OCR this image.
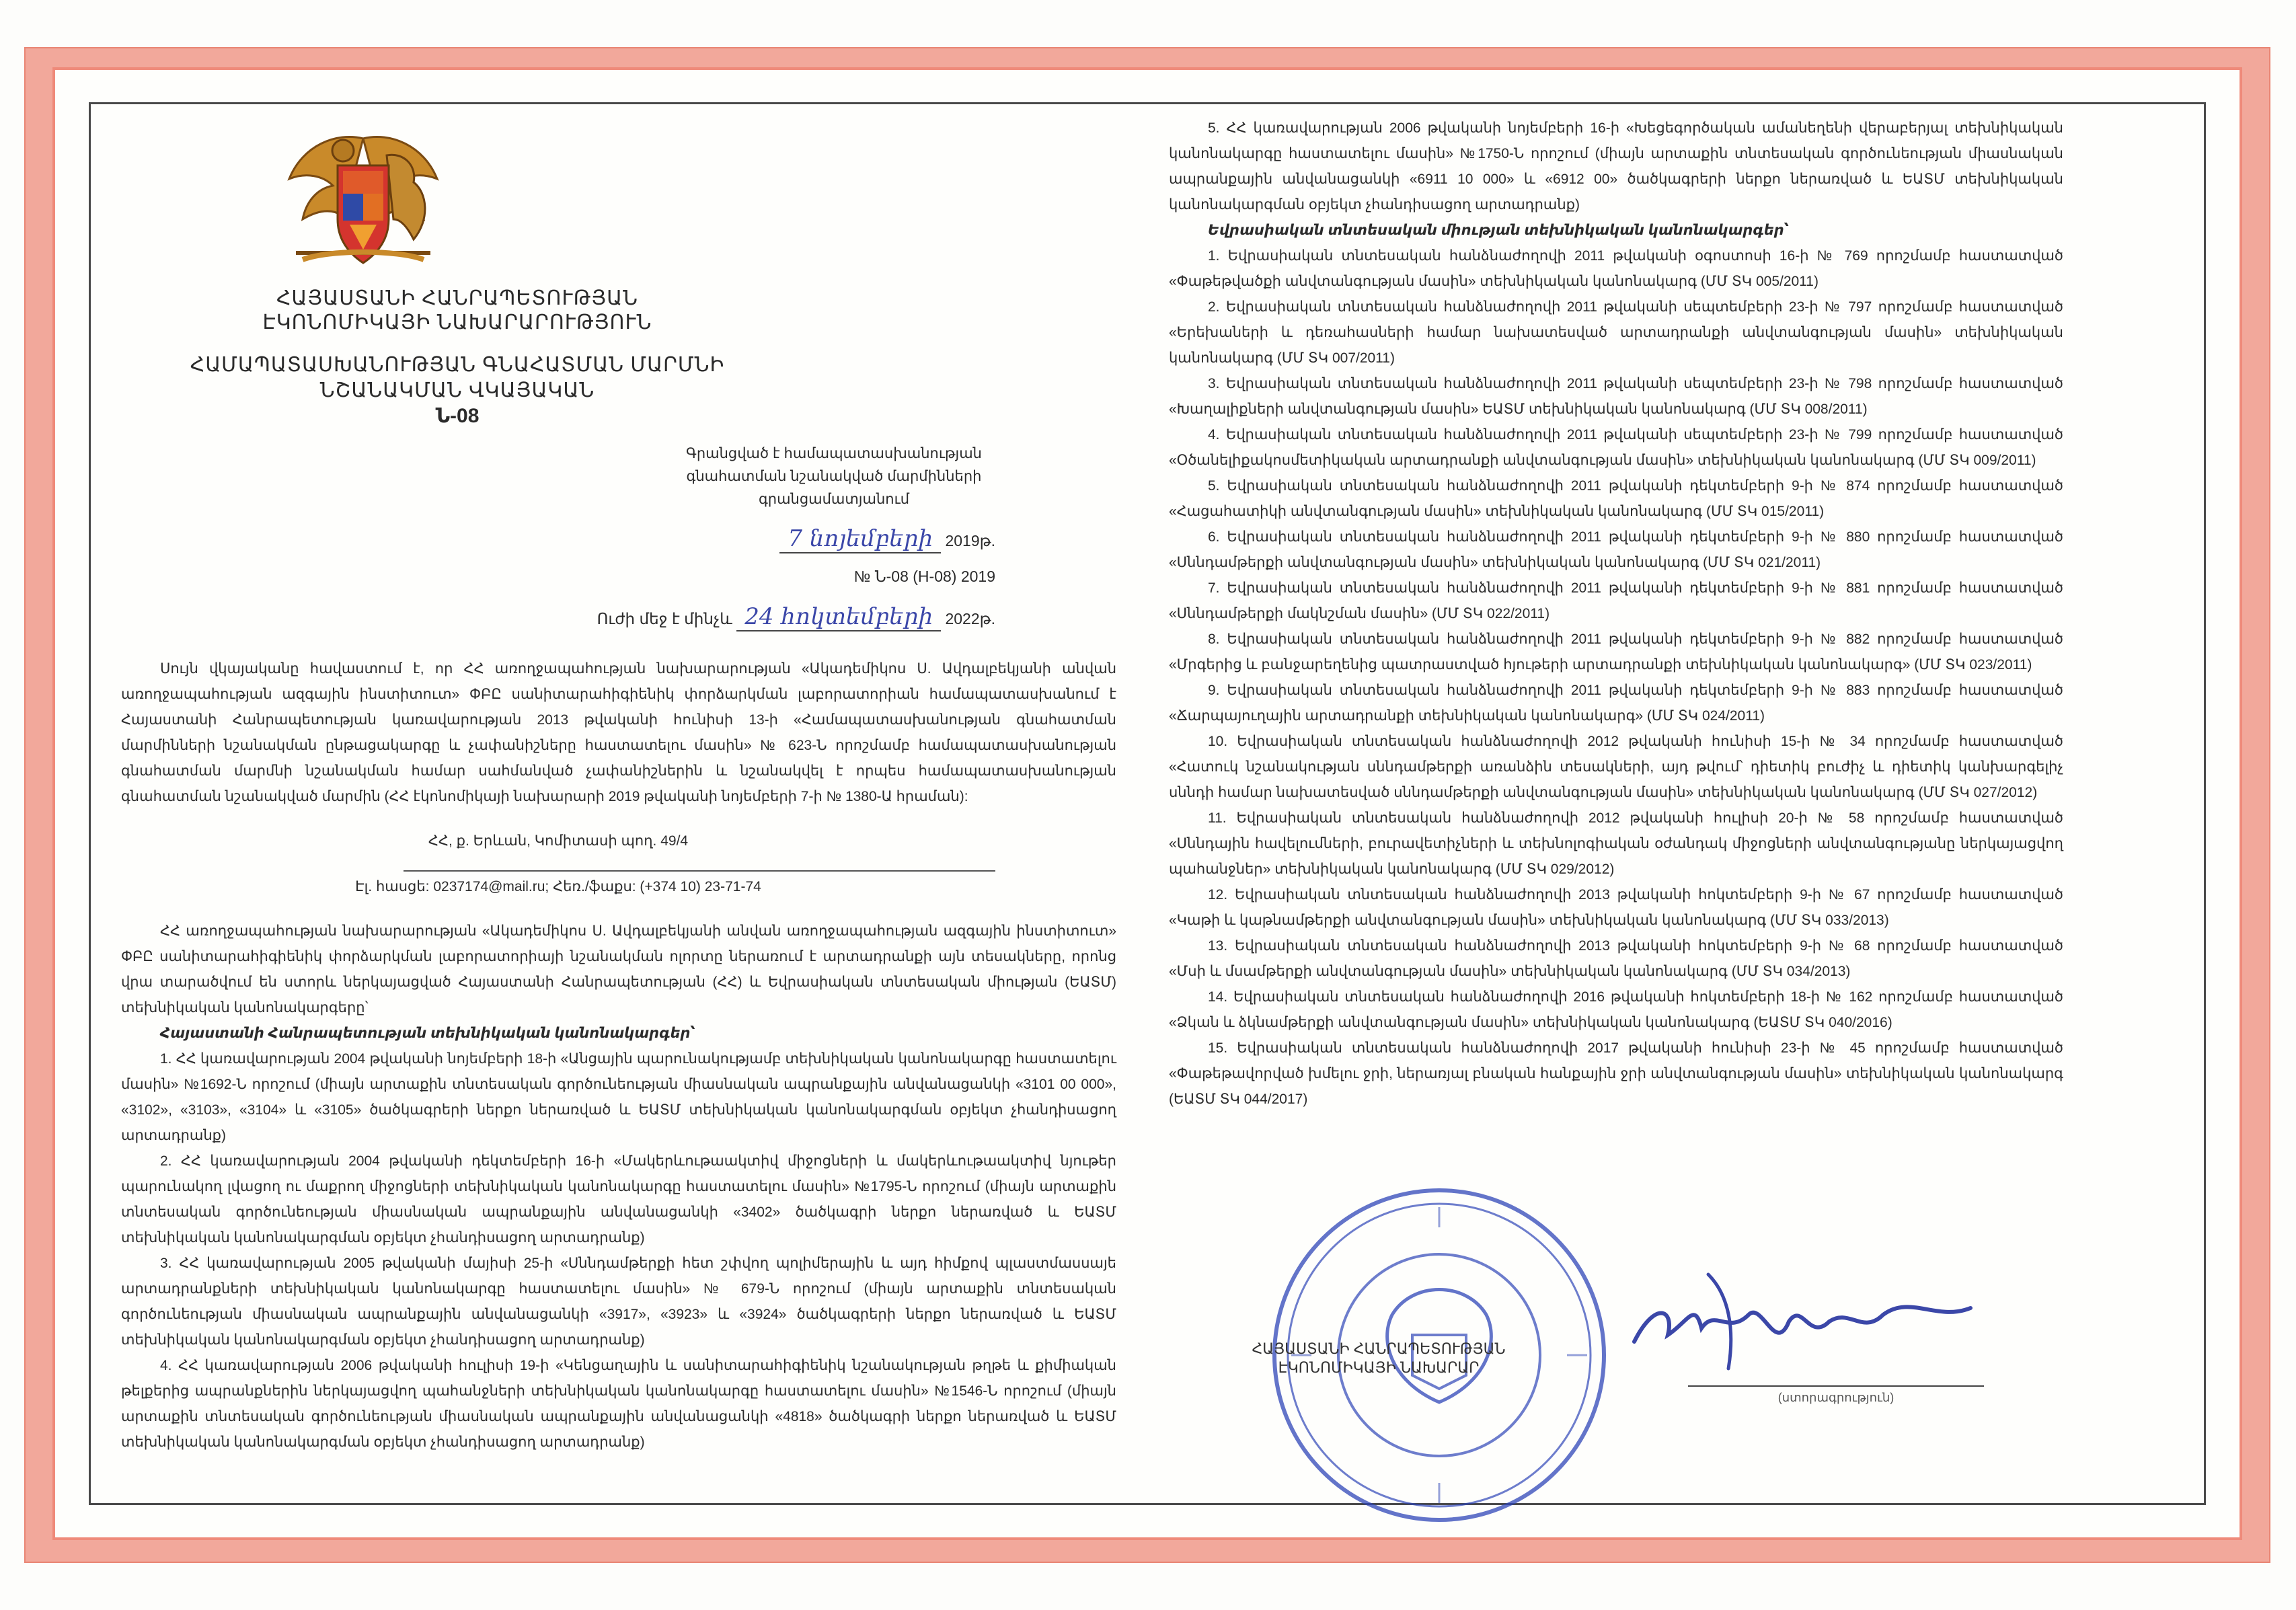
ՀԱՅԱՍՏԱՆԻ ՀԱՆՐԱՊԵՏՈՒԹՅԱՆ
ԷԿՈՆՈՄԻԿԱՅԻ ՆԱԽԱՐԱՐՈՒԹՅՈՒՆ
ՀԱՄԱՊԱՏԱՍԽԱՆՈՒԹՅԱՆ ԳՆԱՀԱՏՄԱՆ ՄԱՐՄՆԻ ՆՇԱՆԱԿՄԱՆ ՎԿԱՅԱԿԱՆ
Ն-08
Գրանցված է համապատասխանության գնահատման նշանակված մարմինների գրանցամատյանում
7 նոյեմբերի 2019թ.
№ Ն-08 (Н-08) 2019
Ուժի մեջ է մինչև 24 հոկտեմբերի 2022թ.

Սույն վկայականը հավաստում է, որ ՀՀ առողջապահության նախարարության «Ակադեմիկոս Ս. Ավդալբեկյանի անվան առողջապահության ազգային ինստիտուտ» ՓԲԸ սանիտարահիգիենիկ փորձարկման լաբորատորիան համապատասխանում է Հայաստանի Հանրապետության կառավարության 2013 թվականի հունիսի 13-ի «Համապատասխանության գնահատման մարմինների նշանակման ընթացակարգը և չափանիշները հաստատելու մասին» № 623-Ն որոշմամբ համապատասխանության գնահատման մարմնի նշանակման համար սահմանված չափանիշներին և նշանակվել է որպես համապատասխանության գնահատման նշանակված մարմին (ՀՀ էկոնոմիկայի նախարարի 2019 թվականի նոյեմբերի 7-ի № 1380-Ա հրաման):

ՀՀ, ք. Երևան, Կոմիտասի պող. 49/4
Էլ. հասցե: 0237174@mail.ru; Հեռ./ֆաքս: (+374 10) 23-71-74

ՀՀ առողջապահության նախարարության «Ակադեմիկոս Ս. Ավդալբեկյանի անվան առողջապահության ազգային ինստիտուտ» ՓԲԸ սանիտարահիգիենիկ փորձարկման լաբորատորիայի նշանակման ոլորտը ներառում է արտադրանքի այն տեսակները, որոնց վրա տարածվում են ստորև ներկայացված Հայաստանի Հանրապետության (ՀՀ) և Եվրասիական տնտեսական միության (ԵԱՏՄ) տեխնիկական կանոնակարգերը՝

Հայաստանի Հանրապետության տեխնիկական կանոնակարգեր՝

1. ՀՀ կառավարության 2004 թվականի նոյեմբերի 18-ի «Անցային պարունակությամբ տեխնիկական կանոնակարգը հաստատելու մասին» №1692-Ն որոշում (միայն արտաքին տնտեսական գործունեության միասնական ապրանքային անվանացանկի «3101 00 000», «3102», «3103», «3104» և «3105» ծածկագրերի ներքո ներառված և ԵԱՏՄ տեխնիկական կանոնակարգման օբյեկտ չհանդիսացող արտադրանք)

2. ՀՀ կառավարության 2004 թվականի դեկտեմբերի 16-ի «Մակերևութաակտիվ միջոցների և մակերևութաակտիվ նյութեր պարունակող լվացող ու մաքրող միջոցների տեխնիկական կանոնակարգը հաստատելու մասին» №1795-Ն որոշում (միայն արտաքին տնտեսական գործունեության միասնական ապրանքային անվանացանկի «3402» ծածկագրի ներքո ներառված և ԵԱՏՄ տեխնիկական կանոնակարգման օբյեկտ չհանդիսացող արտադրանք)

3. ՀՀ կառավարության 2005 թվականի մայիսի 25-ի «Սննդամթերքի հետ շփվող պոլիմերային և այդ հիմքով պլաստմասսայե արտադրանքների տեխնիկական կանոնակարգը հաստատելու մասին» № 679-Ն որոշում (միայն արտաքին տնտեսական գործունեության միասնական ապրանքային անվանացանկի «3917», «3923» և «3924» ծածկագրերի ներքո ներառված և ԵԱՏՄ տեխնիկական կանոնակարգման օբյեկտ չհանդիսացող արտադրանք)

4. ՀՀ կառավարության 2006 թվականի հուլիսի 19-ի «Կենցաղային և սանիտարահիգիենիկ նշանակության թղթե և քիմիական թելքերից ապրանքներին ներկայացվող պահանջների տեխնիկական կանոնակարգը հաստատելու մասին» №1546-Ն որոշում (միայն արտաքին տնտեսական գործունեության միասնական ապրանքային անվանացանկի «4818» ծածկագրի ներքո ներառված և ԵԱՏՄ տեխնիկական կանոնակարգման օբյեկտ չհանդիսացող արտադրանք)

5. ՀՀ կառավարության 2006 թվականի նոյեմբերի 16-ի «Խեցեգործական ամանեղենի վերաբերյալ տեխնիկական կանոնակարգը հաստատելու մասին» №1750-Ն որոշում (միայն արտաքին տնտեսական գործունեության միասնական ապրանքային անվանացանկի «6911 10 000» և «6912 00» ծածկագրերի ներքո ներառված և ԵԱՏՄ տեխնիկական կանոնակարգման օբյեկտ չհանդիսացող արտադրանք)

Եվրասիական տնտեսական միության տեխնիկական կանոնակարգեր՝

1. Եվրասիական տնտեսական հանձնաժողովի 2011 թվականի օգոստոսի 16-ի № 769 որոշմամբ հաստատված «Փաթեթվածքի անվտանգության մասին» տեխնիկական կանոնակարգ (ՄՄ ՏԿ 005/2011)

2. Եվրասիական տնտեսական հանձնաժողովի 2011 թվականի սեպտեմբերի 23-ի № 797 որոշմամբ հաստատված «Երեխաների և դեռահասների համար նախատեսված արտադրանքի անվտանգության մասին» տեխնիկական կանոնակարգ (ՄՄ ՏԿ 007/2011)

3. Եվրասիական տնտեսական հանձնաժողովի 2011 թվականի սեպտեմբերի 23-ի № 798 որոշմամբ հաստատված «Խաղալիքների անվտանգության մասին» ԵԱՏՄ տեխնիկական կանոնակարգ (ՄՄ ՏԿ 008/2011)

4. Եվրասիական տնտեսական հանձնաժողովի 2011 թվականի սեպտեմբերի 23-ի № 799 որոշմամբ հաստատված «Օծանելիքակոսմետիկական արտադրանքի անվտանգության մասին» տեխնիկական կանոնակարգ (ՄՄ ՏԿ 009/2011)

5. Եվրասիական տնտեսական հանձնաժողովի 2011 թվականի դեկտեմբերի 9-ի № 874 որոշմամբ հաստատված «Հացահատիկի անվտանգության մասին» տեխնիկական կանոնակարգ (ՄՄ ՏԿ 015/2011)

6. Եվրասիական տնտեսական հանձնաժողովի 2011 թվականի դեկտեմբերի 9-ի № 880 որոշմամբ հաստատված «Սննդամթերքի անվտանգության մասին» տեխնիկական կանոնակարգ (ՄՄ ՏԿ 021/2011)

7. Եվրասիական տնտեսական հանձնաժողովի 2011 թվականի դեկտեմբերի 9-ի № 881 որոշմամբ հաստատված «Սննդամթերքի մակնշման մասին» (ՄՄ ՏԿ 022/2011)

8. Եվրասիական տնտեսական հանձնաժողովի 2011 թվականի դեկտեմբերի 9-ի № 882 որոշմամբ հաստատված «Մրգերից և բանջարեղենից պատրաստված հյութերի արտադրանքի տեխնիկական կանոնակարգ» (ՄՄ ՏԿ 023/2011)

9. Եվրասիական տնտեսական հանձնաժողովի 2011 թվականի դեկտեմբերի 9-ի № 883 որոշմամբ հաստատված «Ճարպայուղային արտադրանքի տեխնիկական կանոնակարգ» (ՄՄ ՏԿ 024/2011)

10. Եվրասիական տնտեսական հանձնաժողովի 2012 թվականի հունիսի 15-ի № 34 որոշմամբ հաստատված «Հատուկ նշանակության սննդամթերքի առանձին տեսակների, այդ թվում՝ դիետիկ բուժիչ և դիետիկ կանխարգելիչ սննդի համար նախատեսված սննդամթերքի անվտանգության մասին» տեխնիկական կանոնակարգ (ՄՄ ՏԿ 027/2012)

11. Եվրասիական տնտեսական հանձնաժողովի 2012 թվականի հուլիսի 20-ի № 58 որոշմամբ հաստատված «Սննդային հավելումների, բուրավետիչների և տեխնոլոգիական օժանդակ միջոցների անվտանգությանը ներկայացվող պահանջներ» տեխնիկական կանոնակարգ (ՄՄ ՏԿ 029/2012)

12. Եվրասիական տնտեսական հանձնաժողովի 2013 թվականի հոկտեմբերի 9-ի № 67 որոշմամբ հաստատված «Կաթի և կաթնամթերքի անվտանգության մասին» տեխնիկական կանոնակարգ (ՄՄ ՏԿ 033/2013)

13. Եվրասիական տնտեսական հանձնաժողովի 2013 թվականի հոկտեմբերի 9-ի № 68 որոշմամբ հաստատված «Մսի և մսամթերքի անվտանգության մասին» տեխնիկական կանոնակարգ (ՄՄ ՏԿ 034/2013)

14. Եվրասիական տնտեսական հանձնաժողովի 2016 թվականի հոկտեմբերի 18-ի № 162 որոշմամբ հաստատված «Ձկան և ձկնամթերքի անվտանգության մասին» տեխնիկական կանոնակարգ (ԵԱՏՄ ՏԿ 040/2016)

15. Եվրասիական տնտեսական հանձնաժողովի 2017 թվականի հունիսի 23-ի № 45 որոշմամբ հաստատված «Փաթեթավորված խմելու ջրի, ներառյալ բնական հանքային ջրի անվտանգության մասին» տեխնիկական կանոնակարգ (ԵԱՏՄ ՏԿ 044/2017)

ՀԱՅԱՍՏԱՆԻ ՀԱՆՐԱՊԵՏՈՒԹՅԱՆ
ԷԿՈՆՈՄԻԿԱՅԻ ՆԱԽԱՐԱՐ
(ստորագրություն)
